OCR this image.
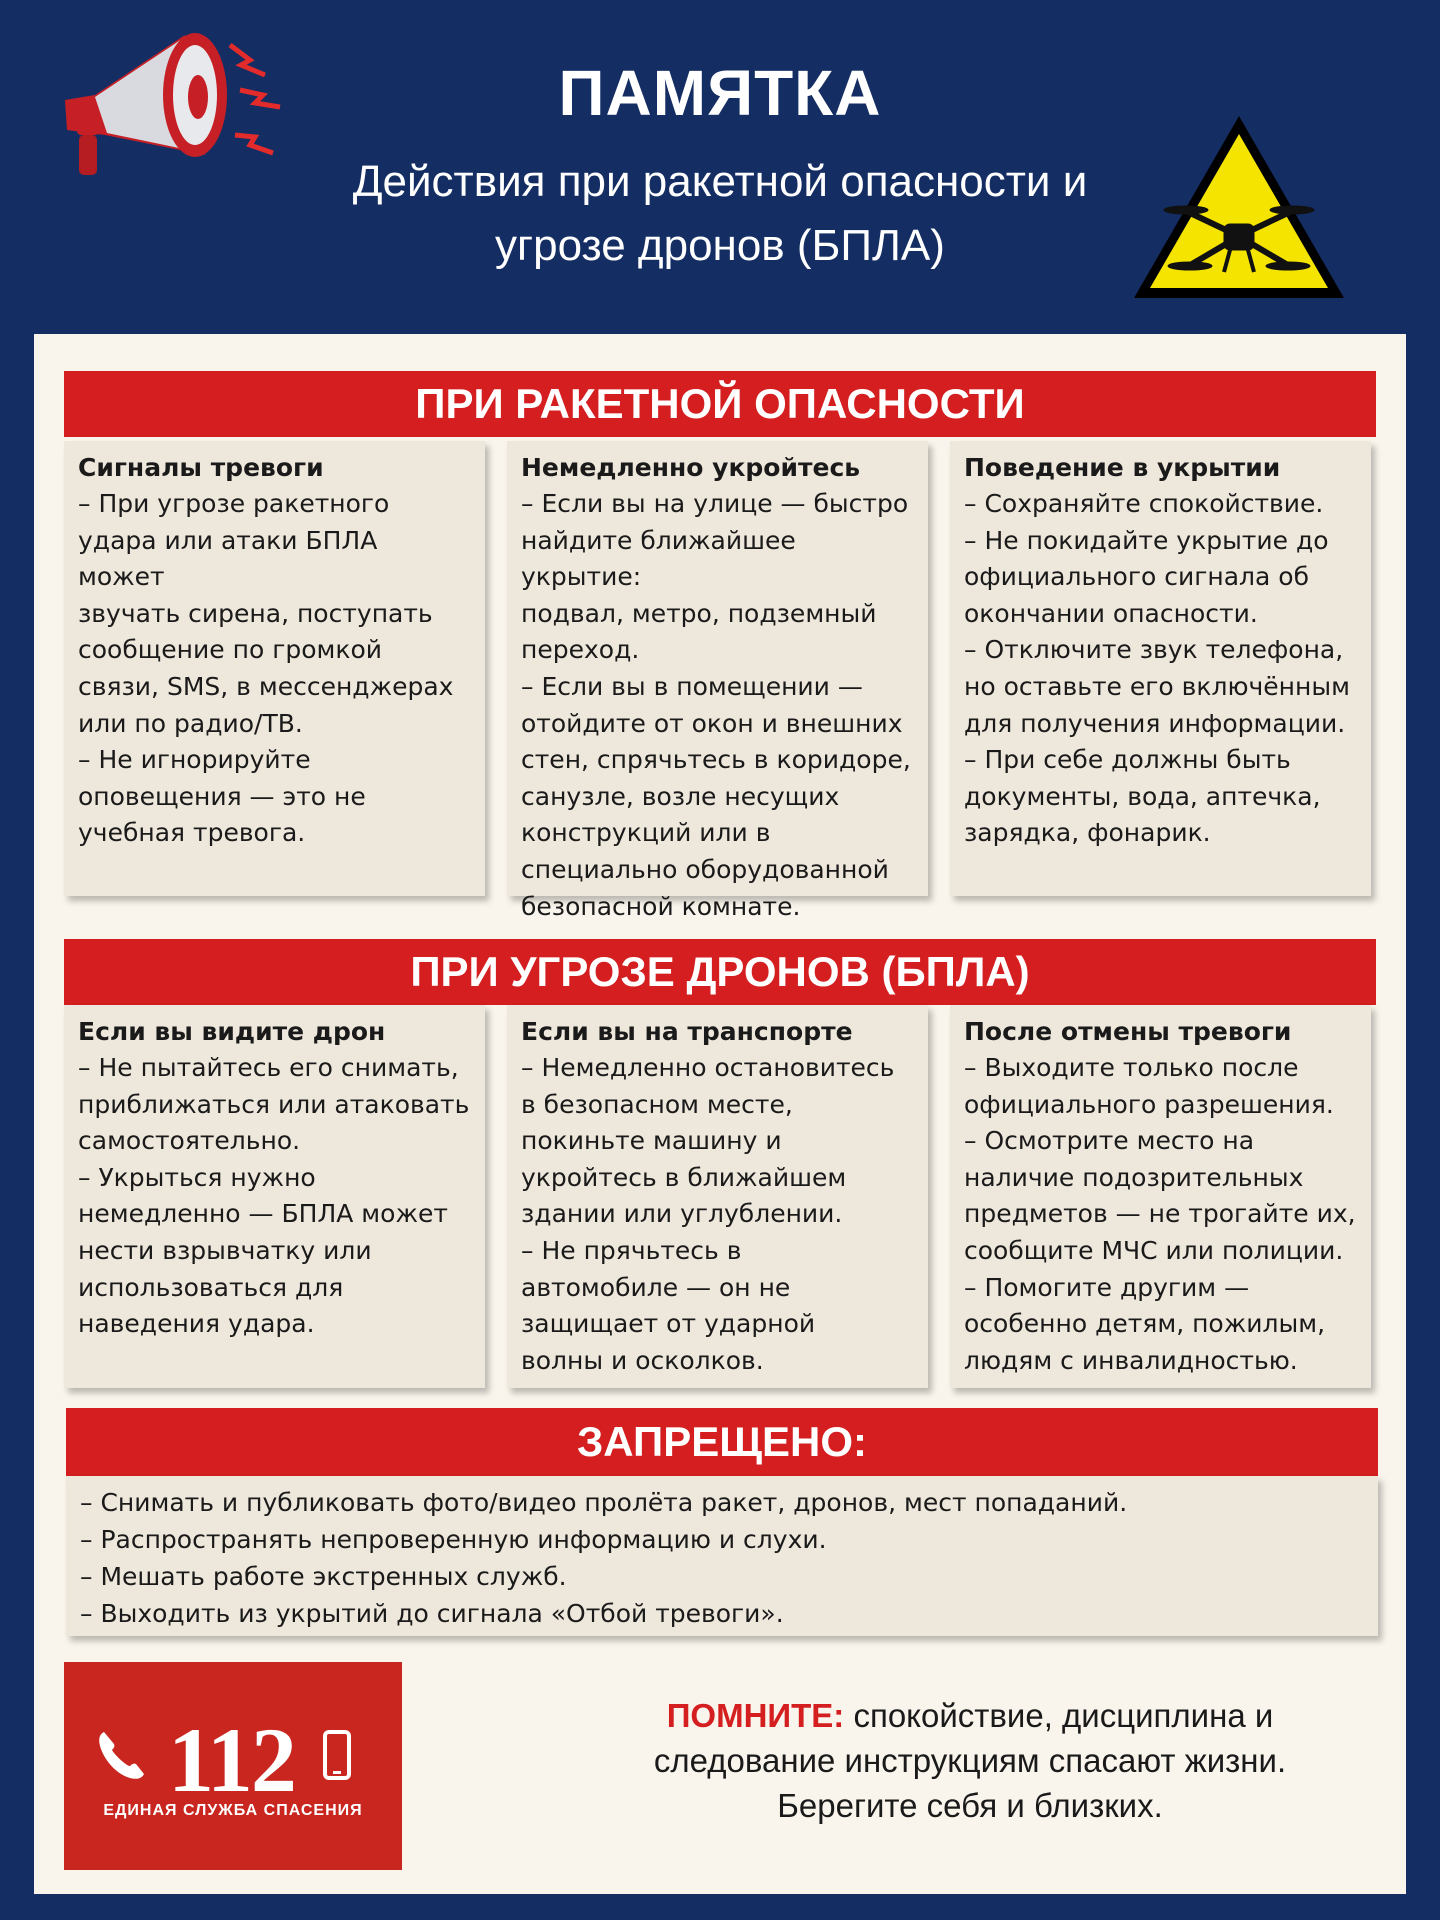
ПАМЯТКА
Действия при ракетной опасности и
угрозе дронов (БПЛА)
ПРИ РАКЕТНОЙ ОПАСНОСТИ
Сигналы тревоги

– При угрозе ракетного
удара или атаки БПЛА может
звучать сирена, поступать
сообщение по громкой
связи, SMS, в мессенджерах
или по радио/ТВ.
– Не игнорируйте
оповещения — это не
учебная тревога.

Немедленно укройтесь

– Если вы на улице — быстро
найдите ближайшее укрытие:
подвал, метро, подземный
переход.
– Если вы в помещении —
отойдите от окон и внешних
стен, спрячьтесь в коридоре,
санузле, возле несущих
конструкций или в
специально оборудованной
безопасной комнате.

Поведение в укрытии

– Сохраняйте спокойствие.
– Не покидайте укрытие до
официального сигнала об
окончании опасности.
– Отключите звук телефона,
но оставьте его включённым
для получения информации.
– При себе должны быть
документы, вода, аптечка,
зарядка, фонарик.

ПРИ УГРОЗЕ ДРОНОВ (БПЛА)
Если вы видите дрон

– Не пытайтесь его снимать,
приближаться или атаковать
самостоятельно.
– Укрыться нужно
немедленно — БПЛА может
нести взрывчатку или
использоваться для
наведения удара.

Если вы на транспорте

– Немедленно остановитесь
в безопасном месте,
покиньте машину и
укройтесь в ближайшем
здании или углублении.
– Не прячьтесь в
автомобиле — он не
защищает от ударной
волны и осколков.

После отмены тревоги

– Выходите только после
официального разрешения.
– Осмотрите место на
наличие подозрительных
предметов — не трогайте их,
сообщите МЧС или полиции.
– Помогите другим —
особенно детям, пожилым,
людям с инвалидностью.

ЗАПРЕЩЕНО:
– Снимать и публиковать фото/видео пролёта ракет, дронов, мест попаданий.
– Распространять непроверенную информацию и слухи.
– Мешать работе экстренных служб.
– Выходить из укрытий до сигнала «Отбой тревоги».
112
ЕДИНАЯ СЛУЖБА СПАСЕНИЯ
ПОМНИТЕ: спокойствие, дисциплина и
следование инструкциям спасают жизни.
Берегите себя и близких.
